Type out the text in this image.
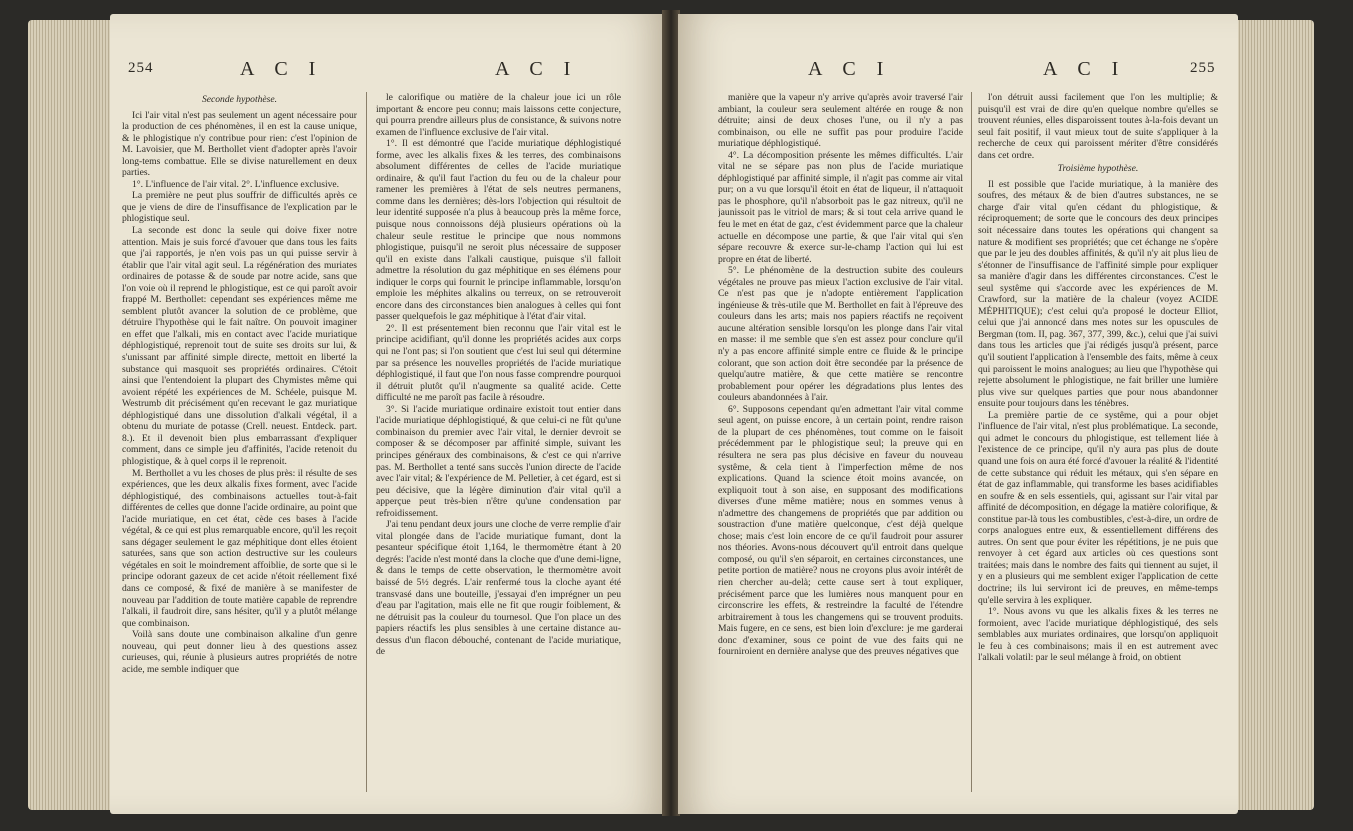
254	A C I	A C I

Seconde hypothèse.

Ici l'air vital n'est pas seulement un agent nécessaire pour la production de ces phénomènes, il en est la cause unique, & le phlogistique n'y contribue pour rien: c'est l'opinion de M. Lavoisier, que M. Berthollet vient d'adopter après l'avoir long-tems combattue. Elle se divise naturellement en deux parties.

1°. L'influence de l'air vital. 2°. L'influence exclusive.

La première ne peut plus souffrir de difficultés après ce que je viens de dire de l'insuffisance de l'explication par le phlogistique seul.

La seconde est donc la seule qui doive fixer notre attention. Mais je suis forcé d'avouer que dans tous les faits que j'ai rapportés, je n'en vois pas un qui puisse servir à établir que l'air vital agit seul. La régénération des muriates ordinaires de potasse & de soude par notre acide, sans que l'on voie où il reprend le phlogistique, est ce qui paroît avoir frappé M. Berthollet: cependant ses expériences même me semblent plutôt avancer la solution de ce problème, que détruire l'hypothèse qui le fait naître. On pouvoit imaginer en effet que l'alkali, mis en contact avec l'acide muriatique déphlogistiqué, reprenoit tout de suite ses droits sur lui, & s'unissant par affinité simple directe, mettoit en liberté la substance qui masquoit ses propriétés ordinaires. C'étoit ainsi que l'entendoient la plupart des Chymistes même qui avoient répété les expériences de M. Schéele, puisque M. Westrumb dit précisément qu'en recevant le gaz muriatique déphlogistiqué dans une dissolution d'alkali végétal, il a obtenu du muriate de potasse (Crell. neuest. Entdeck. part. 8.). Et il devenoit bien plus embarrassant d'expliquer comment, dans ce simple jeu d'affinités, l'acide retenoit du phlogistique, & à quel corps il le reprenoit.

M. Berthollet a vu les choses de plus près: il résulte de ses expériences, que les deux alkalis fixes forment, avec l'acide déphlogistiqué, des combinaisons actuelles tout-à-fait différentes de celles que donne l'acide ordinaire, au point que l'acide muriatique, en cet état, cède ces bases à l'acide végétal, & ce qui est plus remarquable encore, qu'il les reçoit sans dégager seulement le gaz méphitique dont elles étoient saturées, sans que son action destructive sur les couleurs végétales en soit le moindrement affoiblie, de sorte que si le principe odorant gazeux de cet acide n'étoit réellement fixé dans ce composé, & fixé de manière à se manifester de nouveau par l'addition de toute matière capable de reprendre l'alkali, il faudroit dire, sans hésiter, qu'il y a plutôt mélange que combinaison.

Voilà sans doute une combinaison alkaline d'un genre nouveau, qui peut donner lieu à des questions assez curieuses, qui, réunie à plusieurs autres propriétés de notre acide, me semble indiquer que

le calorifique ou matière de la chaleur joue ici un rôle important & encore peu connu; mais laissons cette conjecture, qui pourra prendre ailleurs plus de consistance, & suivons notre examen de l'influence exclusive de l'air vital.

1°. Il est démontré que l'acide muriatique déphlogistiqué forme, avec les alkalis fixes & les terres, des combinaisons absolument différentes de celles de l'acide muriatique ordinaire, & qu'il faut l'action du feu ou de la chaleur pour ramener les premières à l'état de sels neutres permanens, comme dans les dernières; dès-lors l'objection qui résultoit de leur identité supposée n'a plus à beaucoup près la même force, puisque nous connoissons déjà plusieurs opérations où la chaleur seule restitue le principe que nous nommons phlogistique, puisqu'il ne seroit plus nécessaire de supposer qu'il en existe dans l'alkali caustique, puisque s'il falloit admettre la résolution du gaz méphitique en ses élémens pour indiquer le corps qui fournit le principe inflammable, lorsqu'on emploie les méphites alkalins ou terreux, on se retrouveroit encore dans des circonstances bien analogues à celles qui font passer quelquefois le gaz méphitique à l'état d'air vital.

2°. Il est présentement bien reconnu que l'air vital est le principe acidifiant, qu'il donne les propriétés acides aux corps qui ne l'ont pas; si l'on soutient que c'est lui seul qui détermine par sa présence les nouvelles propriétés de l'acide muriatique déphlogistiqué, il faut que l'on nous fasse comprendre pourquoi il détruit plutôt qu'il n'augmente sa qualité acide. Cette difficulté ne me paroît pas facile à résoudre.

3°. Si l'acide muriatique ordinaire existoit tout entier dans l'acide muriatique déphlogistiqué, & que celui-ci ne fût qu'une combinaison du premier avec l'air vital, le dernier devroit se composer & se décomposer par affinité simple, suivant les principes généraux des combinaisons, & c'est ce qui n'arrive pas. M. Berthollet a tenté sans succès l'union directe de l'acide avec l'air vital; & l'expérience de M. Pelletier, à cet égard, est si peu décisive, que la légère diminution d'air vital qu'il a apperçue peut très-bien n'être qu'une condensation par refroidissement.

J'ai tenu pendant deux jours une cloche de verre remplie d'air vital plongée dans de l'acide muriatique fumant, dont la pesanteur spécifique étoit 1,164, le thermomètre étant à 20 degrés: l'acide n'est monté dans la cloche que d'une demi-ligne, & dans le temps de cette observation, le thermomètre avoit baissé de 5½ degrés. L'air renfermé tous la cloche ayant été transvasé dans une bouteille, j'essayai d'en imprégner un peu d'eau par l'agitation, mais elle ne fit que rougir foiblement, & ne détruisit pas la couleur du tournesol. Que l'on place un des papiers réactifs les plus sensibles à une certaine distance au-dessus d'un flacon débouché, contenant de l'acide muriatique, de

A C I	A C I	255

manière que la vapeur n'y arrive qu'après avoir traversé l'air ambiant, la couleur sera seulement altérée en rouge & non détruite; ainsi de deux choses l'une, ou il n'y a pas combinaison, ou elle ne suffit pas pour produire l'acide muriatique déphlogistiqué.

4°. La décomposition présente les mêmes difficultés. L'air vital ne se sépare pas non plus de l'acide muriatique déphlogistiqué par affinité simple, il n'agit pas comme air vital pur; on a vu que lorsqu'il étoit en état de liqueur, il n'attaquoit pas le phosphore, qu'il n'absorboit pas le gaz nitreux, qu'il ne jaunissoit pas le vitriol de mars; & si tout cela arrive quand le feu le met en état de gaz, c'est évidemment parce que la chaleur actuelle en décompose une partie, & que l'air vital qui s'en sépare recouvre & exerce sur-le-champ l'action qui lui est propre en état de liberté.

5°. Le phénomène de la destruction subite des couleurs végétales ne prouve pas mieux l'action exclusive de l'air vital. Ce n'est pas que je n'adopte entièrement l'application ingénieuse & très-utile que M. Berthollet en fait à l'épreuve des couleurs dans les arts; mais nos papiers réactifs ne reçoivent aucune altération sensible lorsqu'on les plonge dans l'air vital en masse: il me semble que s'en est assez pour conclure qu'il n'y a pas encore affinité simple entre ce fluide & le principe colorant, que son action doit être secondée par la présence de quelqu'autre matière, & que cette matière se rencontre probablement pour opérer les dégradations plus lentes des couleurs abandonnées à l'air.

6°. Supposons cependant qu'en admettant l'air vital comme seul agent, on puisse encore, à un certain point, rendre raison de la plupart de ces phénomènes, tout comme on le faisoit précédemment par le phlogistique seul; la preuve qui en résultera ne sera pas plus décisive en faveur du nouveau systême, & cela tient à l'imperfection même de nos explications. Quand la science étoit moins avancée, on expliquoit tout à son aise, en supposant des modifications diverses d'une même matière; nous en sommes venus à n'admettre des changemens de propriétés que par addition ou soustraction d'une matière quelconque, c'est déjà quelque chose; mais c'est loin encore de ce qu'il faudroit pour assurer nos théories. Avons-nous découvert qu'il entroit dans quelque composé, ou qu'il s'en séparoit, en certaines circonstances, une petite portion de matière? nous ne croyons plus avoir intérêt de rien chercher au-delà; cette cause sert à tout expliquer, précisément parce que les lumières nous manquent pour en circonscrire les effets, & restreindre la faculté de l'étendre arbitrairement à tous les changemens qui se trouvent produits. Mais fugere, en ce sens, est bien loin d'exclure: je me garderai donc d'examiner, sous ce point de vue des faits qui ne fourniroient en dernière analyse que des preuves négatives que

l'on détruit aussi facilement que l'on les multiplie; & puisqu'il est vrai de dire qu'en quelque nombre qu'elles se trouvent réunies, elles disparoissent toutes à-la-fois devant un seul fait positif, il vaut mieux tout de suite s'appliquer à la recherche de ceux qui paroissent mériter d'être considérés dans cet ordre.

Troisième hypothèse.

Il est possible que l'acide muriatique, à la manière des soufres, des métaux & de bien d'autres substances, ne se charge d'air vital qu'en cédant du phlogistique, & réciproquement; de sorte que le concours des deux principes soit nécessaire dans toutes les opérations qui changent sa nature & modifient ses propriétés; que cet échange ne s'opère que par le jeu des doubles affinités, & qu'il n'y ait plus lieu de s'étonner de l'insuffisance de l'affinité simple pour expliquer sa manière d'agir dans les différentes circonstances. C'est le seul systême qui s'accorde avec les expériences de M. Crawford, sur la matière de la chaleur (voyez ACIDE MÉPHITIQUE); c'est celui qu'a proposé le docteur Elliot, celui que j'ai annoncé dans mes notes sur les opuscules de Bergman (tom. II, pag. 367, 377, 399, &c.), celui que j'ai suivi dans tous les articles que j'ai rédigés jusqu'à présent, parce qu'il soutient l'application à l'ensemble des faits, même à ceux qui paroissent le moins analogues; au lieu que l'hypothèse qui rejette absolument le phlogistique, ne fait briller une lumière plus vive sur quelques parties que pour nous abandonner ensuite pour toujours dans les ténèbres.

La première partie de ce systême, qui a pour objet l'influence de l'air vital, n'est plus problématique. La seconde, qui admet le concours du phlogistique, est tellement liée à l'existence de ce principe, qu'il n'y aura pas plus de doute quand une fois on aura été forcé d'avouer la réalité & l'identité de cette substance qui réduit les métaux, qui s'en sépare en état de gaz inflammable, qui transforme les bases acidifiables en soufre & en sels essentiels, qui, agissant sur l'air vital par affinité de décomposition, en dégage la matière colorifique, & constitue par-là tous les combustibles, c'est-à-dire, un ordre de corps analogues entre eux, & essentiellement différens des autres. On sent que pour éviter les répétitions, je ne puis que renvoyer à cet égard aux articles où ces questions sont traitées; mais dans le nombre des faits qui tiennent au sujet, il y en a plusieurs qui me semblent exiger l'application de cette doctrine; ils lui serviront ici de preuves, en même-temps qu'elle servira à les expliquer.

1°. Nous avons vu que les alkalis fixes & les terres ne formoient, avec l'acide muriatique déphlogistiqué, des sels semblables aux muriates ordinaires, que lorsqu'on appliquoit le feu à ces combinaisons; mais il en est autrement avec l'alkali volatil: par le seul mélange à froid, on obtient
